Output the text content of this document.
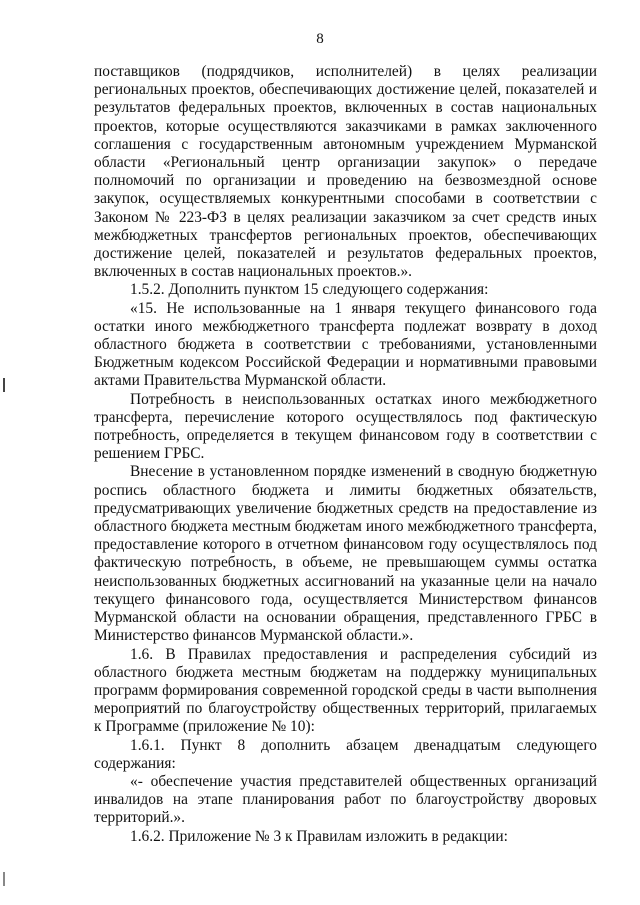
8

поставщиков (подрядчиков, исполнителей) в целях реализации региональных проектов, обеспечивающих достижение целей, показателей и результатов федеральных проектов, включенных в состав национальных проектов, которые осуществляются заказчиками в рамках заключенного соглашения с государственным автономным учреждением Мурманской области «Региональный центр организации закупок» о передаче полномочий по организации и проведению на безвозмездной основе закупок, осуществляемых конкурентными способами в соответствии с Законом № 223-ФЗ в целях реализации заказчиком за счет средств иных межбюджетных трансфертов региональных проектов, обеспечивающих достижение целей, показателей и результатов федеральных проектов, включенных в состав национальных проектов.».

1.5.2. Дополнить пунктом 15 следующего содержания:

«15. Не использованные на 1 января текущего финансового года остатки иного межбюджетного трансферта подлежат возврату в доход областного бюджета в соответствии с требованиями, установленными Бюджетным кодексом Российской Федерации и нормативными правовыми актами Правительства Мурманской области.

Потребность в неиспользованных остатках иного межбюджетного трансферта, перечисление которого осуществлялось под фактическую потребность, определяется в текущем финансовом году в соответствии с решением ГРБС.

Внесение в установленном порядке изменений в сводную бюджетную роспись областного бюджета и лимиты бюджетных обязательств, предусматривающих увеличение бюджетных средств на предоставление из областного бюджета местным бюджетам иного межбюджетного трансферта, предоставление которого в отчетном финансовом году осуществлялось под фактическую потребность, в объеме, не превышающем суммы остатка неиспользованных бюджетных ассигнований на указанные цели на начало текущего финансового года, осуществляется Министерством финансов Мурманской области на основании обращения, представленного ГРБС в Министерство финансов Мурманской области.».

1.6. В Правилах предоставления и распределения субсидий из областного бюджета местным бюджетам на поддержку муниципальных программ формирования современной городской среды в части выполнения мероприятий по благоустройству общественных территорий, прилагаемых к Программе (приложение № 10):

1.6.1. Пункт 8 дополнить абзацем двенадцатым следующего содержания:

«- обеспечение участия представителей общественных организаций инвалидов на этапе планирования работ по благоустройству дворовых территорий.».

1.6.2. Приложение № 3 к Правилам изложить в редакции:
